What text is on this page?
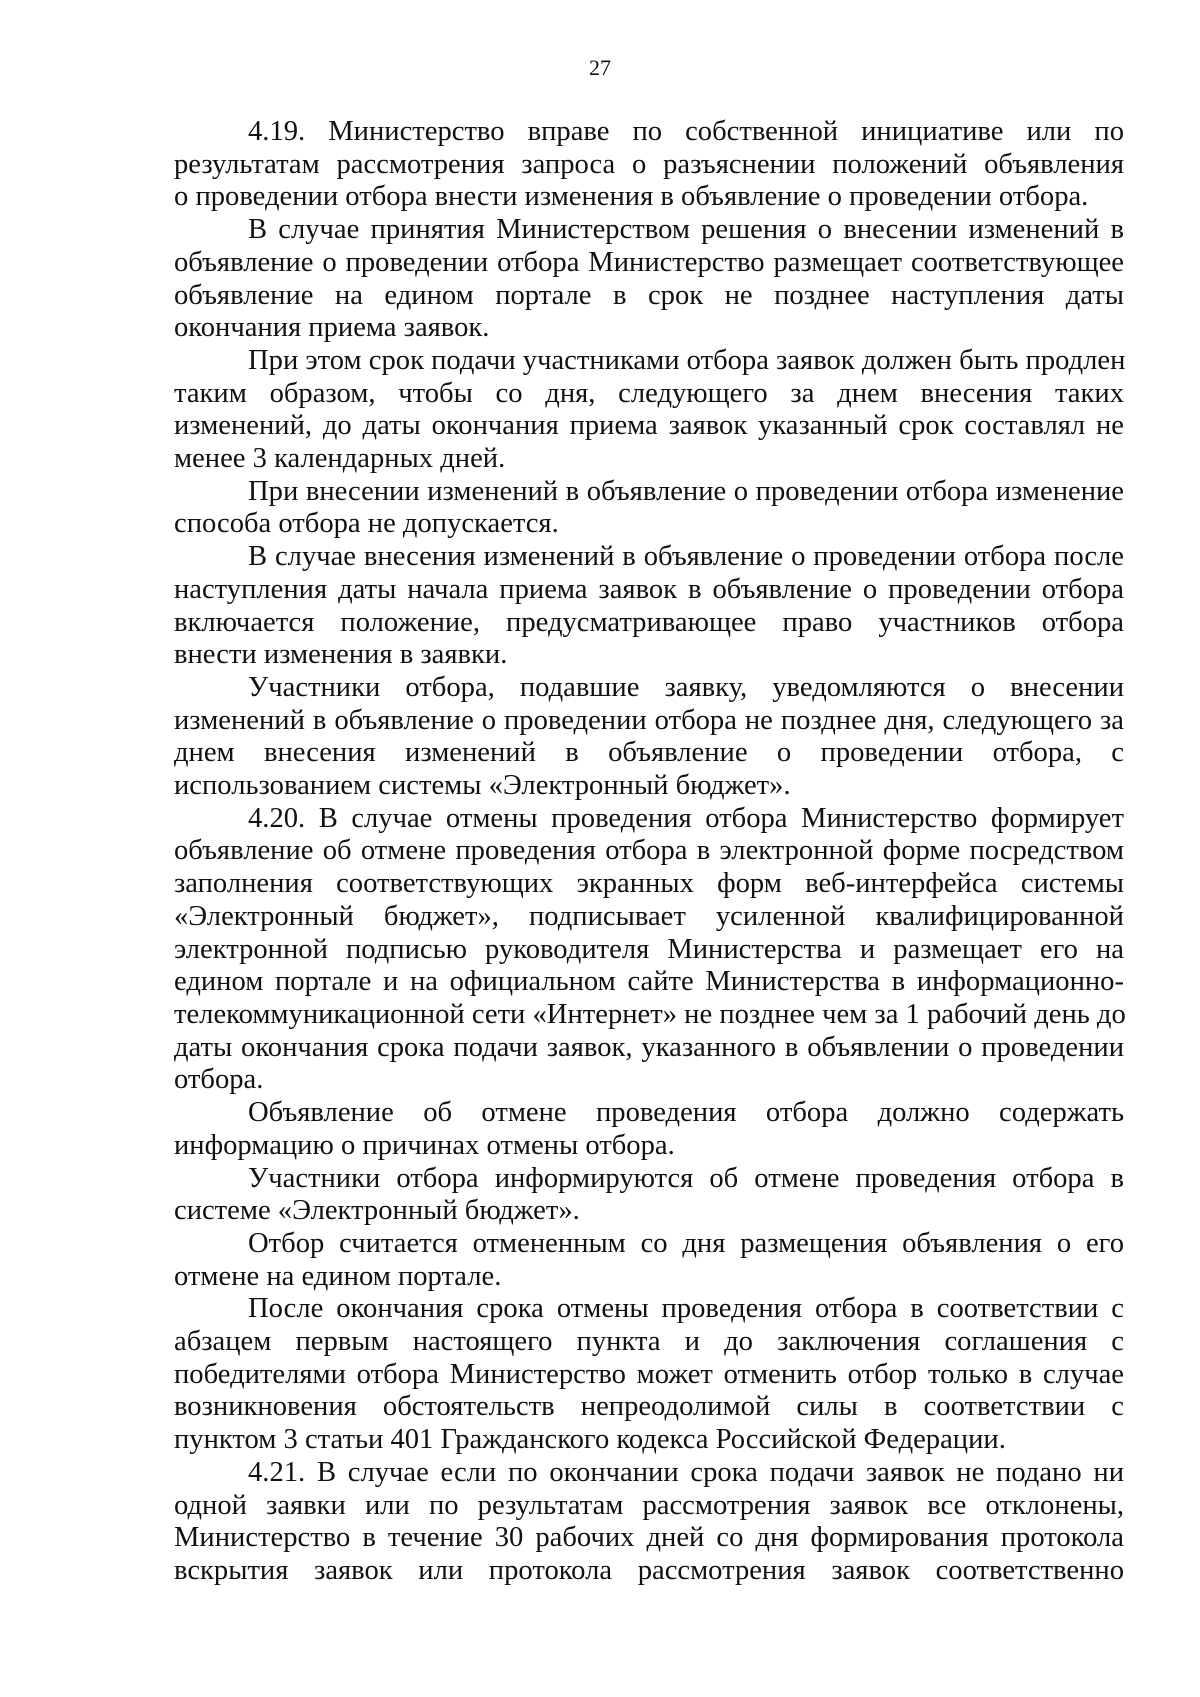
27
4.19. Министерство вправе по собственной инициативе или по
результатам рассмотрения запроса о разъяснении положений объявления
о проведении отбора внести изменения в объявление о проведении отбора.
В случае принятия Министерством решения о внесении изменений в
объявление о проведении отбора Министерство размещает соответствующее
объявление на едином портале в срок не позднее наступления даты
окончания приема заявок.
При этом срок подачи участниками отбора заявок должен быть продлен
таким образом, чтобы со дня, следующего за днем внесения таких
изменений, до даты окончания приема заявок указанный срок составлял не
менее 3 календарных дней.
При внесении изменений в объявление о проведении отбора изменение
способа отбора не допускается.
В случае внесения изменений в объявление о проведении отбора после
наступления даты начала приема заявок в объявление о проведении отбора
включается положение, предусматривающее право участников отбора
внести изменения в заявки.
Участники отбора, подавшие заявку, уведомляются о внесении
изменений в объявление о проведении отбора не позднее дня, следующего за
днем внесения изменений в объявление о проведении отбора, с
использованием системы «Электронный бюджет».
4.20. В случае отмены проведения отбора Министерство формирует
объявление об отмене проведения отбора в электронной форме посредством
заполнения соответствующих экранных форм веб-интерфейса системы
«Электронный бюджет», подписывает усиленной квалифицированной
электронной подписью руководителя Министерства и размещает его на
едином портале и на официальном сайте Министерства в информационно-
телекоммуникационной сети «Интернет» не позднее чем за 1 рабочий день до
даты окончания срока подачи заявок, указанного в объявлении о проведении
отбора.
Объявление об отмене проведения отбора должно содержать
информацию о причинах отмены отбора.
Участники отбора информируются об отмене проведения отбора в
системе «Электронный бюджет».
Отбор считается отмененным со дня размещения объявления о его
отмене на едином портале.
После окончания срока отмены проведения отбора в соответствии с
абзацем первым настоящего пункта и до заключения соглашения с
победителями отбора Министерство может отменить отбор только в случае
возникновения обстоятельств непреодолимой силы в соответствии с
пунктом 3 статьи 401 Гражданского кодекса Российской Федерации.
4.21. В случае если по окончании срока подачи заявок не подано ни
одной заявки или по результатам рассмотрения заявок все отклонены,
Министерство в течение 30 рабочих дней со дня формирования протокола
вскрытия заявок или протокола рассмотрения заявок соответственно
